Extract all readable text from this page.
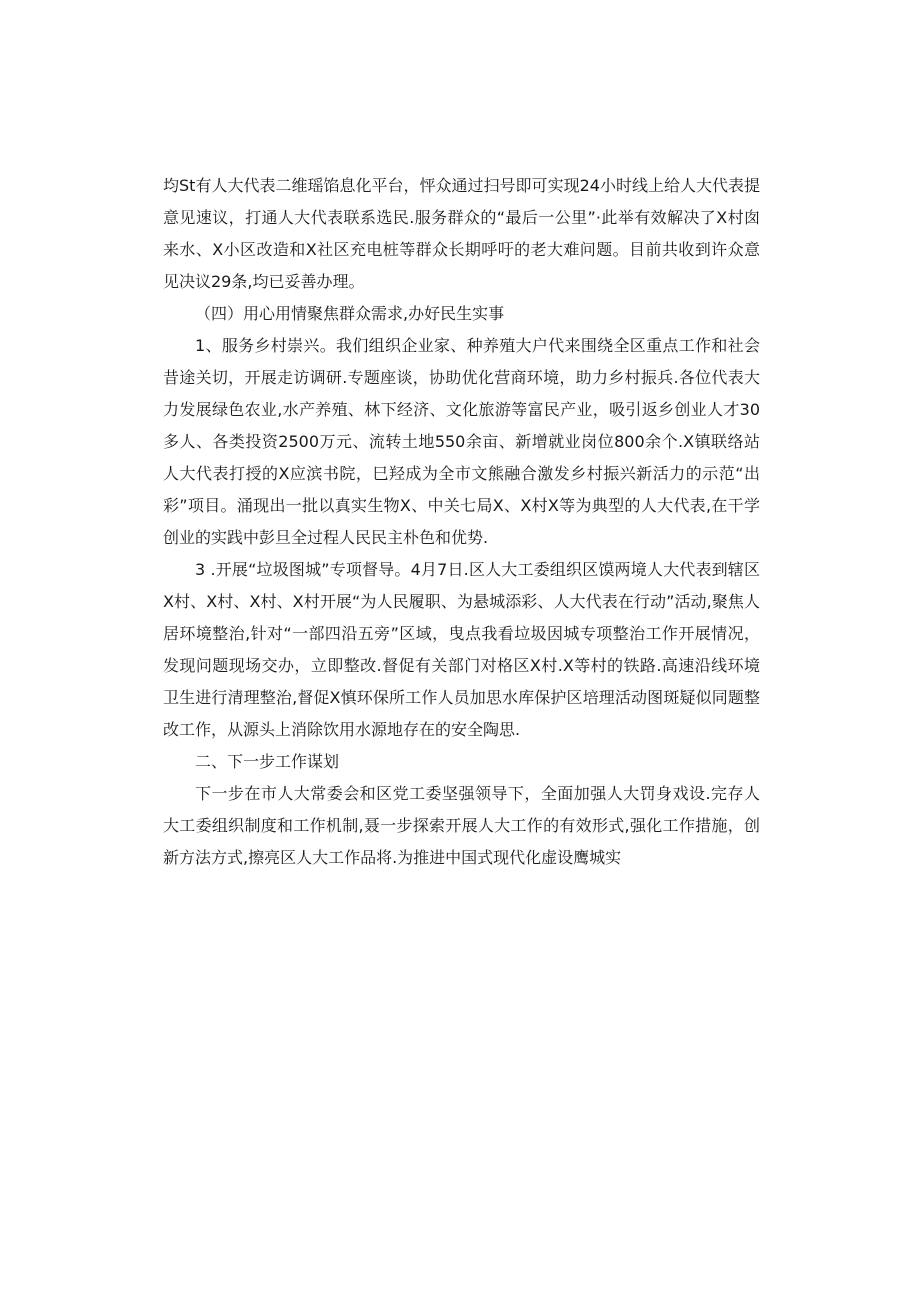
均St有人大代表二维瑶馅息化平台，怦众通过扫号即可实现24小时线上给人大代表提意见速议，打通人大代表联系选民.服务群众的“最后一公里”·此举有效解决了X村囱来水、X小区改造和X社区充电桩等群众长期呼吁的老大难问题。目前共收到许众意见决议29条,均已妥善办理。

（四）用心用情聚焦群众需求,办好民生实事

1、服务乡村崇兴。我们组织企业家、种养殖大户代来围绕全区重点工作和社会昔途关切，开展走访调研.专题座谈，协助优化营商环境，助力乡村振兵.各位代表大力发展绿色农业,水产养殖、林下经济、文化旅游等富民产业，吸引返乡创业人才30多人、各类投资2500万元、流转土地550余亩、新增就业岗位800余个.X镇联络站人大代表打授的X应滨书院，巳羟成为全市文熊融合激发乡村振兴新活力的示范“出彩”项目。涌现出一批以真实生物X、中关七局X、X村X等为典型的人大代表,在干学创业的实践中彭旦全过程人民民主朴色和优势.

3 .开展“垃圾图城”专项督导。4月7日.区人大工委组织区馍两境人大代表到辖区X村、X村、X村、X村开展“为人民履职、为悬城添彩、人大代表在行动”活动,聚焦人居环境整治,针对“一部四沿五旁”区域，曳点我看垃圾因城专项整治工作开展情况，发现问题现场交办，立即整改.督促有关部门对格区X村.X等村的铁路.高速沿线环境卫生进行清理整治,督促X慎环保所工作人员加思水库保护区培理活动图斑疑似同题整改工作，从源头上消除饮用水源地存在的安全陶思.

二、下一步工作谋划

下一步在市人大常委会和区党工委坚强领导下，全面加强人大罚身戏设.完存人大工委组织制度和工作机制,聂一步探索开展人大工作的有效形式,强化工作措施，创新方法方式,擦亮区人大工作品将.为推进中国式现代化虚设鹰城实
